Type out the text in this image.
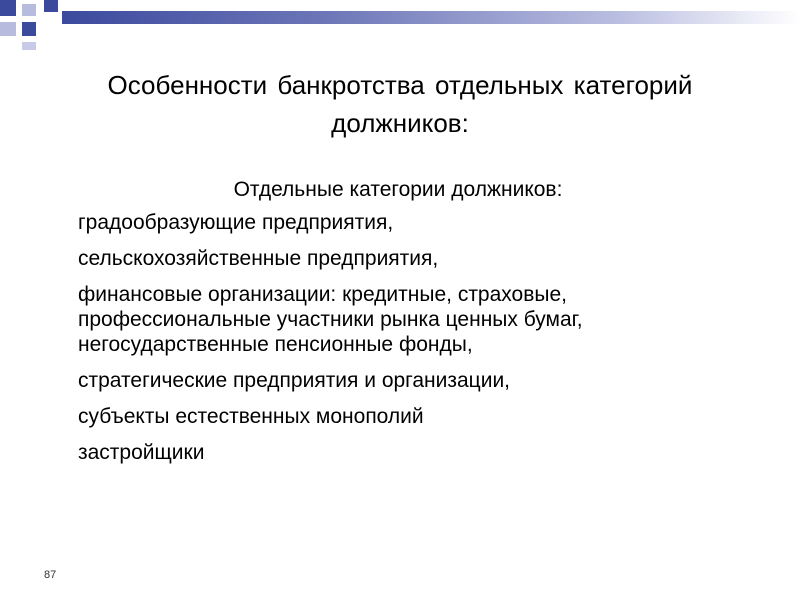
Особенности банкротства отдельных категорий должников:

Отдельные категории должников:

градообразующие предприятия,
сельскохозяйственные предприятия,
финансовые организации: кредитные, страховые, профессиональные участники рынка ценных бумаг, негосударственные пенсионные фонды,
стратегические предприятия и организации,
субъекты естественных монополий
застройщики
87
